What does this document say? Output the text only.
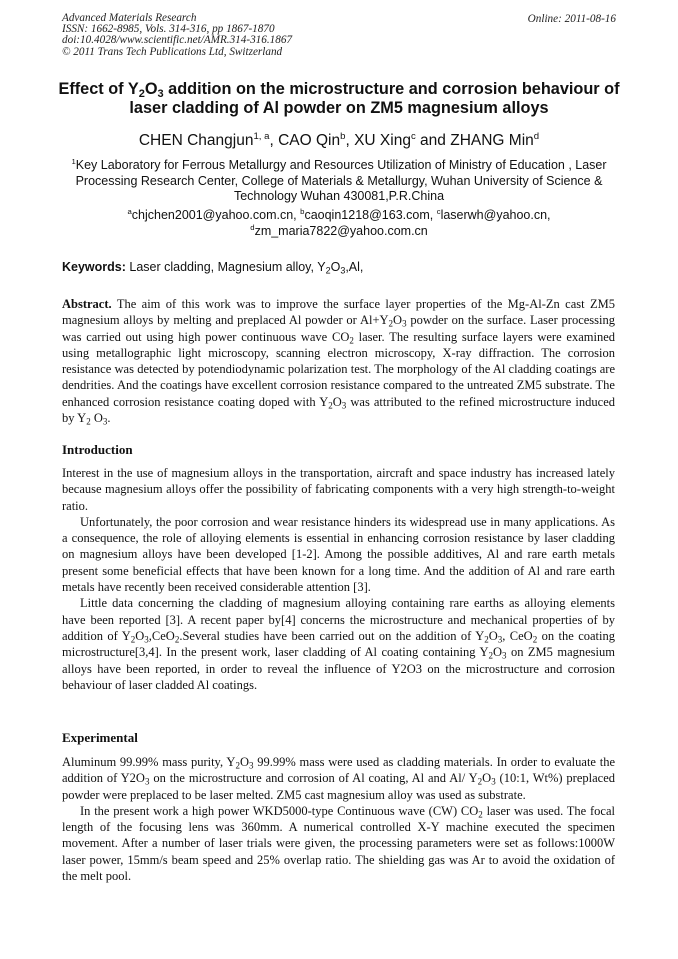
Advanced Materials Research
ISSN: 1662-8985, Vols. 314-316, pp 1867-1870
doi:10.4028/www.scientific.net/AMR.314-316.1867
© 2011 Trans Tech Publications Ltd, Switzerland
Online: 2011-08-16
Effect of $Y_2O_3$ addition on the microstructure and corrosion behaviour of laser cladding of Al powder on ZM5 magnesium alloys
CHEN Changjun$^{1, a}$, CAO Qin$^b$, XU Xing$^c$ and ZHANG Min$^d$
$^1$Key Laboratory for Ferrous Metallurgy and Resources Utilization of Ministry of Education , Laser Processing Research Center, College of Materials & Metallurgy, Wuhan University of Science & Technology Wuhan 430081,P.R.China
$^a$chjchen2001@yahoo.com.cn, $^b$caoqin1218@163.com, $^c$laserwh@yahoo.cn,
$^d$zm_maria7822@yahoo.com.cn
Keywords: Laser cladding, Magnesium alloy, $Y_2O_3,Al$,
Abstract. The aim of this work was to improve the surface layer properties of the Mg-Al-Zn cast ZM5 magnesium alloys by melting and preplaced Al powder or $Al+Y_2O_3$ powder on the surface. Laser processing was carried out using high power continuous wave $CO_2$ laser. The resulting surface layers were examined using metallographic light microscopy, scanning electron microscopy, X-ray diffraction. The corrosion resistance was detected by potendiodynamic polarization test. The morphology of the Al cladding coatings are dendrities. And the coatings have excellent corrosion resistance compared to the untreated ZM5 substrate. The enhanced corrosion resistance coating doped with $Y_2O_3$ was attributed to the refined microstructure induced by $Y_2$ $O_3$.
Introduction

Interest in the use of magnesium alloys in the transportation, aircraft and space industry has increased lately because magnesium alloys offer the possibility of fabricating components with a very high strength-to-weight ratio.

Unfortunately, the poor corrosion and wear resistance hinders its widespread use in many applications. As a consequence, the role of alloying elements is essential in enhancing corrosion resistance by laser cladding on magnesium alloys have been developed [1-2]. Among the possible additives, Al and rare earth metals present some beneficial effects that have been known for a long time. And the addition of Al and rare earth metals have recently been received considerable attention [3].

Little data concerning the cladding of magnesium alloying containing rare earths as alloying elements have been reported [3]. A recent paper by[4] concerns the microstructure and mechanical properties of by addition of $Y_2O_3,CeO_2.Several$ studies have been carried out on the addition of $Y_2O_3$, CeO$_2$ on the coating microstructure[3,4]. In the present work, laser cladding of Al coating containing $Y_2O_3$ on ZM5 magnesium alloys have been reported, in order to reveal the influence of Y2O3 on the microstructure and corrosion behaviour of laser cladded Al coatings.

Experimental

Aluminum 99.99% mass purity, $Y_2O_3$ 99.99% mass were used as cladding materials. In order to evaluate the addition of $Y2O_3$ on the microstructure and corrosion of Al coating, Al and Al/ $Y_2O_3$ (10:1, Wt%) preplaced powder were preplaced to be laser melted. ZM5 cast magnesium alloy was used as substrate.

In the present work a high power WKD5000-type Continuous wave (CW) $CO_2$ laser was used. The focal length of the focusing lens was 360mm. A numerical controlled X-Y machine executed the specimen movement. After a number of laser trials were given, the processing parameters were set as follows:1000W laser power, 15mm/s beam speed and 25% overlap ratio. The shielding gas was Ar to avoid the oxidation of the melt pool.
